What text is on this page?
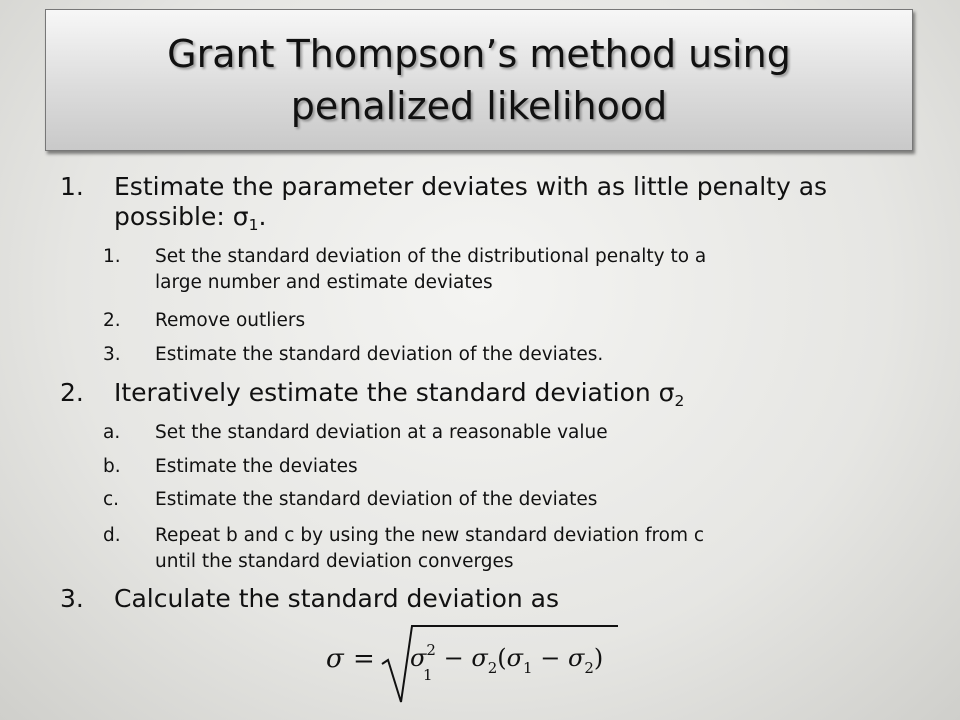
Grant Thompson’s method using penalized likelihood
1. Estimate the parameter deviates with as little penalty as
possible: $\sigma_1$.
1. Set the standard deviation of the distributional penalty to a
large number and estimate deviates
2. Remove outliers
3. Estimate the standard deviation of the deviates.
2. Iteratively estimate the standard deviation $\sigma_2$
a. Set the standard deviation at a reasonable value
b. Estimate the deviates
c. Estimate the standard deviation of the deviates
d. Repeat b and c by using the new standard deviation from c
until the standard deviation converges
3. Calculate the standard deviation as
$\sigma = \sigma^2 - \sigma_2(\sigma_1 - \sigma_2)$
1
